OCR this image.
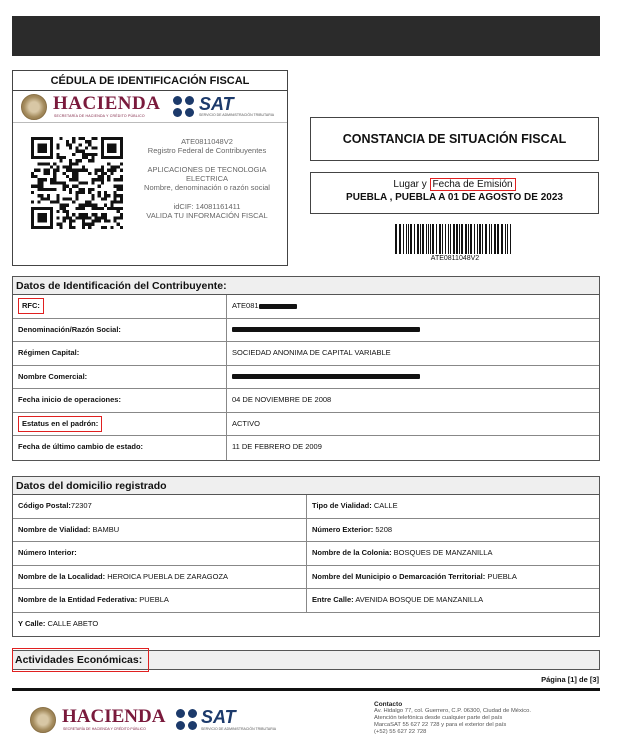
CÉDULA DE IDENTIFICACIÓN FISCAL
HACIENDA
SECRETARÍA DE HACIENDA Y CRÉDITO PÚBLICO
SAT
SERVICIO DE ADMINISTRACIÓN TRIBUTARIA
ATE0811048V2
Registro Federal de Contribuyentes
APLICACIONES DE TECNOLOGIA ELECTRICA
Nombre, denominación o razón social
idCIF: 14081161411
VALIDA TU INFORMACIÓN FISCAL
CONSTANCIA DE SITUACIÓN FISCAL
Lugar y Fecha de Emisión
PUEBLA , PUEBLA A 01 DE AGOSTO DE 2023
ATE0811048V2
Datos de Identificación del Contribuyente:
RFC:	ATE081
Denominación/Razón Social:
Régimen Capital:	SOCIEDAD ANONIMA DE CAPITAL VARIABLE
Nombre Comercial:
Fecha inicio de operaciones:	04 DE NOVIEMBRE DE 2008
Estatus en el padrón:	ACTIVO
Fecha de último cambio de estado:	11 DE FEBRERO DE 2009
Datos del domicilio registrado
Código Postal:72307	Tipo de Vialidad: CALLE
Nombre de Vialidad: BAMBU	Número Exterior: 5208
Número Interior:	Nombre de la Colonia: BOSQUES DE MANZANILLA
Nombre de la Localidad: HEROICA PUEBLA DE ZARAGOZA	Nombre del Municipio o Demarcación Territorial: PUEBLA
Nombre de la Entidad Federativa: PUEBLA	Entre Calle: AVENIDA BOSQUE DE MANZANILLA
Y Calle: CALLE ABETO
Actividades Económicas:
Página [1] de [3]
HACIENDA
SECRETARÍA DE HACIENDA Y CRÉDITO PÚBLICO
SAT
SERVICIO DE ADMINISTRACIÓN TRIBUTARIA
Contacto
Av. Hidalgo 77, col. Guerrero, C.P. 06300, Ciudad de México.
Atención telefónica desde cualquier parte del país
MarcaSAT 55 627 22 728 y para el exterior del país
(+52) 55 627 22 728
